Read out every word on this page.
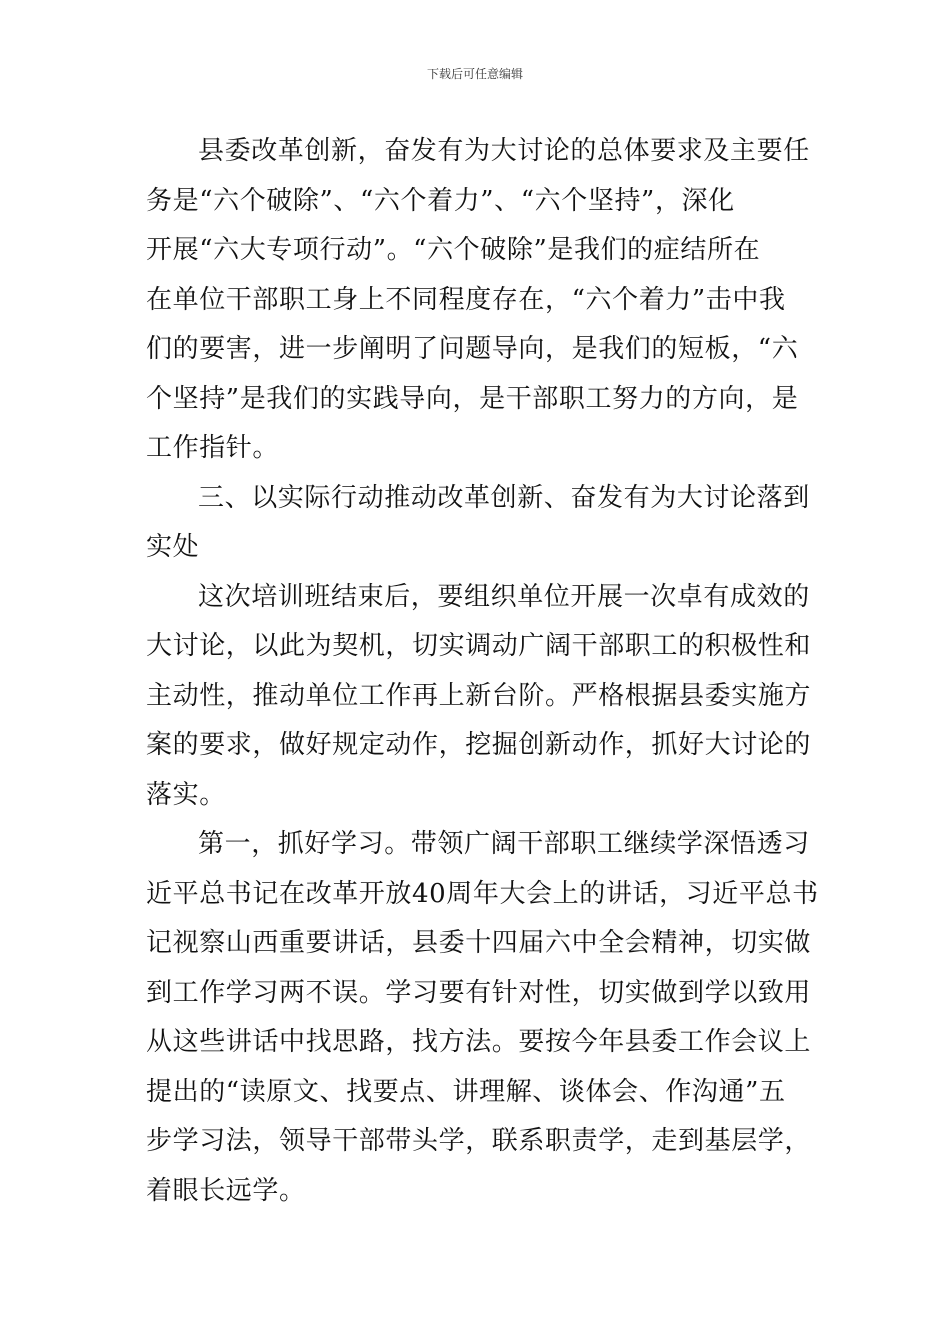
下载后可任意编辑
县委改革创新，奋发有为大讨论的总体要求及主要任
务是“六个破除”、“六个着力”、“六个坚持”，深化
开展“六大专项行动”。“六个破除”是我们的症结所在
在单位干部职工身上不同程度存在，“六个着力”击中我
们的要害，进一步阐明了问题导向，是我们的短板，“六
个坚持”是我们的实践导向，是干部职工努力的方向，是
工作指针。
三、以实际行动推动改革创新、奋发有为大讨论落到
实处
这次培训班结束后，要组织单位开展一次卓有成效的
大讨论，以此为契机，切实调动广阔干部职工的积极性和
主动性，推动单位工作再上新台阶。严格根据县委实施方
案的要求，做好规定动作，挖掘创新动作，抓好大讨论的
落实。
第一，抓好学习。带领广阔干部职工继续学深悟透习
近平总书记在改革开放40周年大会上的讲话，习近平总书
记视察山西重要讲话，县委十四届六中全会精神，切实做
到工作学习两不误。学习要有针对性，切实做到学以致用
从这些讲话中找思路，找方法。要按今年县委工作会议上
提出的“读原文、找要点、讲理解、谈体会、作沟通”五
步学习法，领导干部带头学，联系职责学，走到基层学，
着眼长远学。
